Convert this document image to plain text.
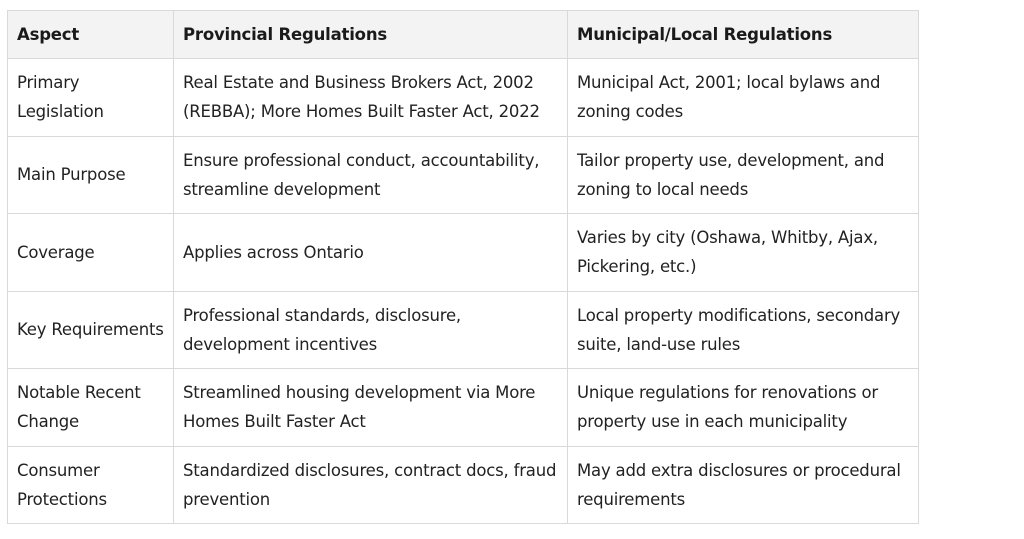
Aspect	Provincial Regulations	Municipal/Local Regulations
Primary Legislation	Real Estate and Business Brokers Act, 2002 (REBBA); More Homes Built Faster Act, 2022	Municipal Act, 2001; local bylaws and zoning codes
Main Purpose	Ensure professional conduct, accountability, streamline development	Tailor property use, development, and zoning to local needs
Coverage	Applies across Ontario	Varies by city (Oshawa, Whitby, Ajax, Pickering, etc.)
Key Requirements	Professional standards, disclosure, development incentives	Local property modifications, secondary suite, land-use rules
Notable Recent Change	Streamlined housing development via More Homes Built Faster Act	Unique regulations for renovations or property use in each municipality
Consumer Protections	Standardized disclosures, contract docs, fraud prevention	May add extra disclosures or procedural requirements
